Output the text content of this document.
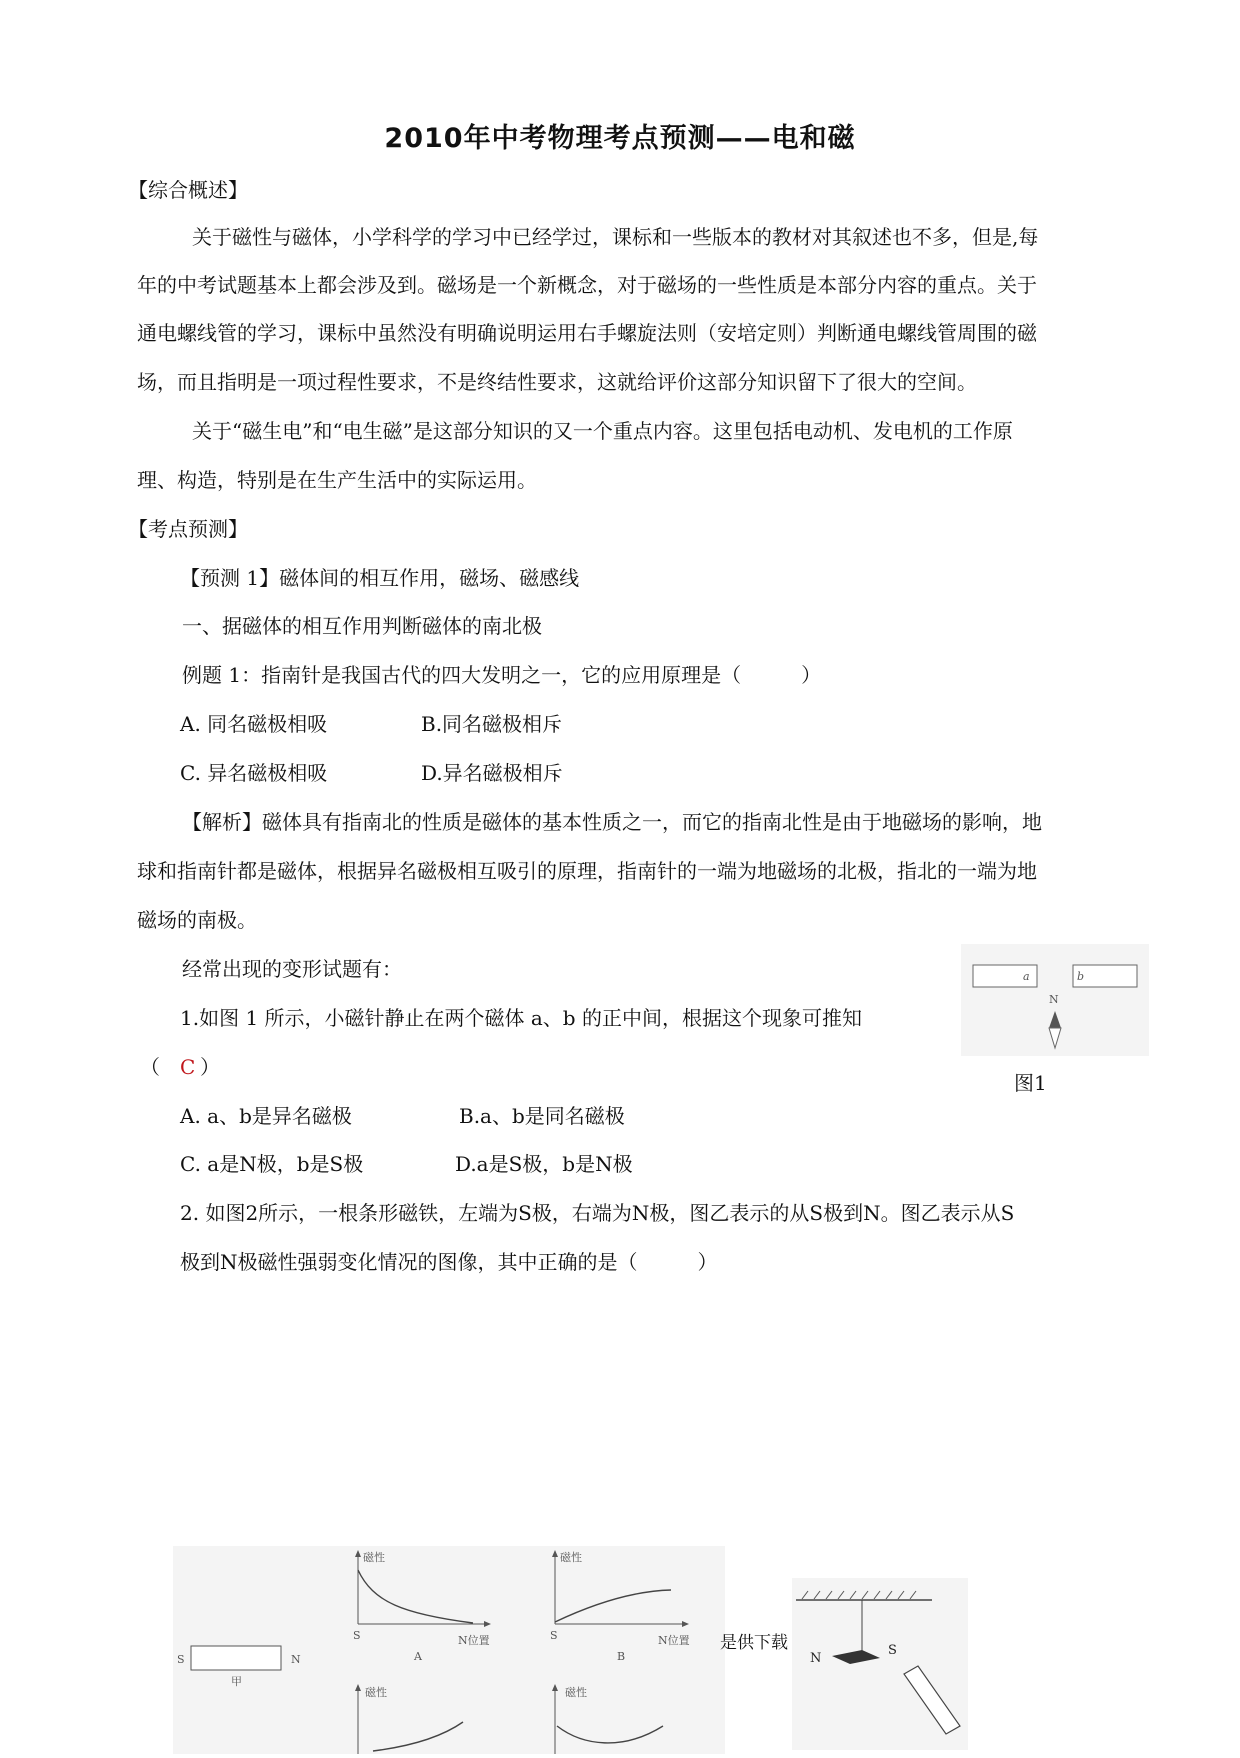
2010年中考物理考点预测——电和磁
【综合概述】
关于磁性与磁体，小学科学的学习中已经学过，课标和一些版本的教材对其叙述也不多，但是,每
年的中考试题基本上都会涉及到。磁场是一个新概念，对于磁场的一些性质是本部分内容的重点。关于
通电螺线管的学习，课标中虽然没有明确说明运用右手螺旋法则（安培定则）判断通电螺线管周围的磁
场，而且指明是一项过程性要求，不是终结性要求，这就给评价这部分知识留下了很大的空间。
关于“磁生电”和“电生磁”是这部分知识的又一个重点内容。这里包括电动机、发电机的工作原
理、构造，特别是在生产生活中的实际运用。
【考点预测】
【预测 1】磁体间的相互作用，磁场、磁感线
一、据磁体的相互作用判断磁体的南北极
例题 1：指南针是我国古代的四大发明之一，它的应用原理是（　　　）
A. 同名磁极相吸	B.同名磁极相斥
C. 异名磁极相吸	D.异名磁极相斥
【解析】磁体具有指南北的性质是磁体的基本性质之一，而它的指南北性是由于地磁场的影响，地
球和指南针都是磁体，根据异名磁极相互吸引的原理，指南针的一端为地磁场的北极，指北的一端为地
磁场的南极。
经常出现的变形试题有：
1.如图 1 所示，小磁针静止在两个磁体 a、b 的正中间，根据这个现象可推知
（ C ）
A. a、b是异名磁极	B.a、b是同名磁极
C. a是N极，b是S极	D.a是S极，b是N极
2. 如图2所示，一根条形磁铁，左端为S极，右端为N极，图乙表示的从S极到N。图乙表示从S
极到N极磁性强弱变化情况的图像，其中正确的是（　　　）
a	b
N
图1
S	N
甲
磁性
S	N位置
A
磁性
S	N位置
B
磁性	磁性
是供下载
N
S
